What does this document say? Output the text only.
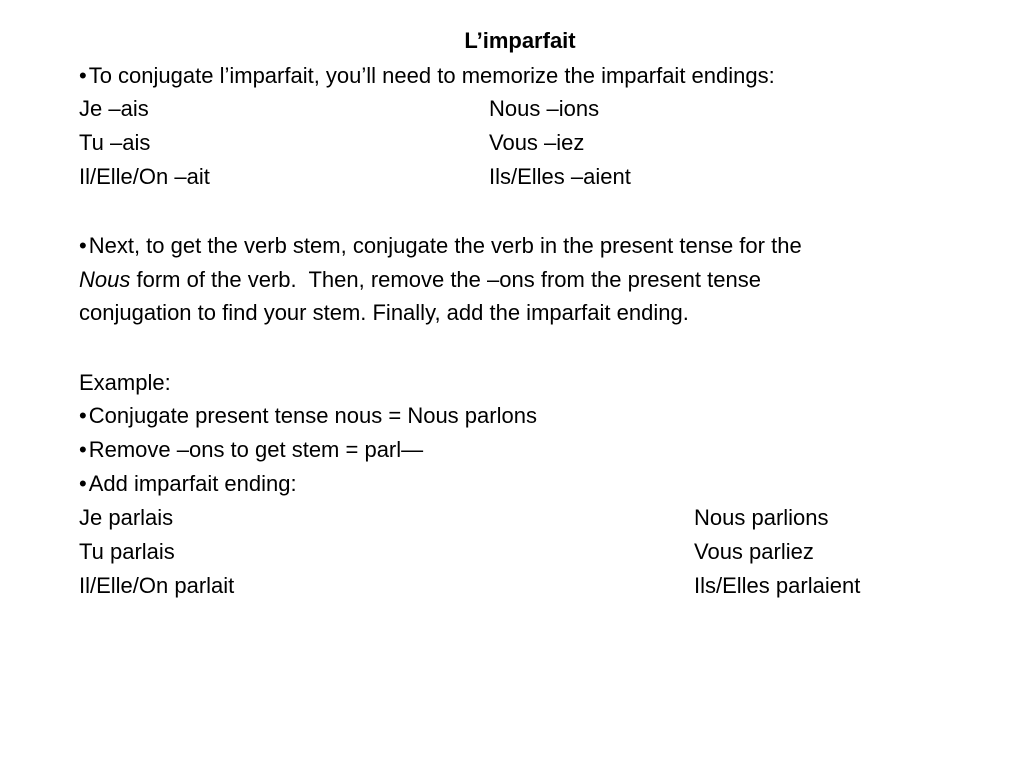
L’imparfait
•To conjugate l’imparfait, you’ll need to memorize the imparfait endings:
Je –ais	Nous –ions
Tu –ais	Vous –iez
Il/Elle/On –ait	Ils/Elles –aient
•Next, to get the verb stem, conjugate the verb in the present tense for the
Nous form of the verb.  Then, remove the –ons from the present tense
conjugation to find your stem. Finally, add the imparfait ending.
Example:
•Conjugate present tense nous = Nous parlons
•Remove –ons to get stem = parl—
•Add imparfait ending:
Je parlais	Nous parlions
Tu parlais	Vous parliez
Il/Elle/On parlait	Ils/Elles parlaient
